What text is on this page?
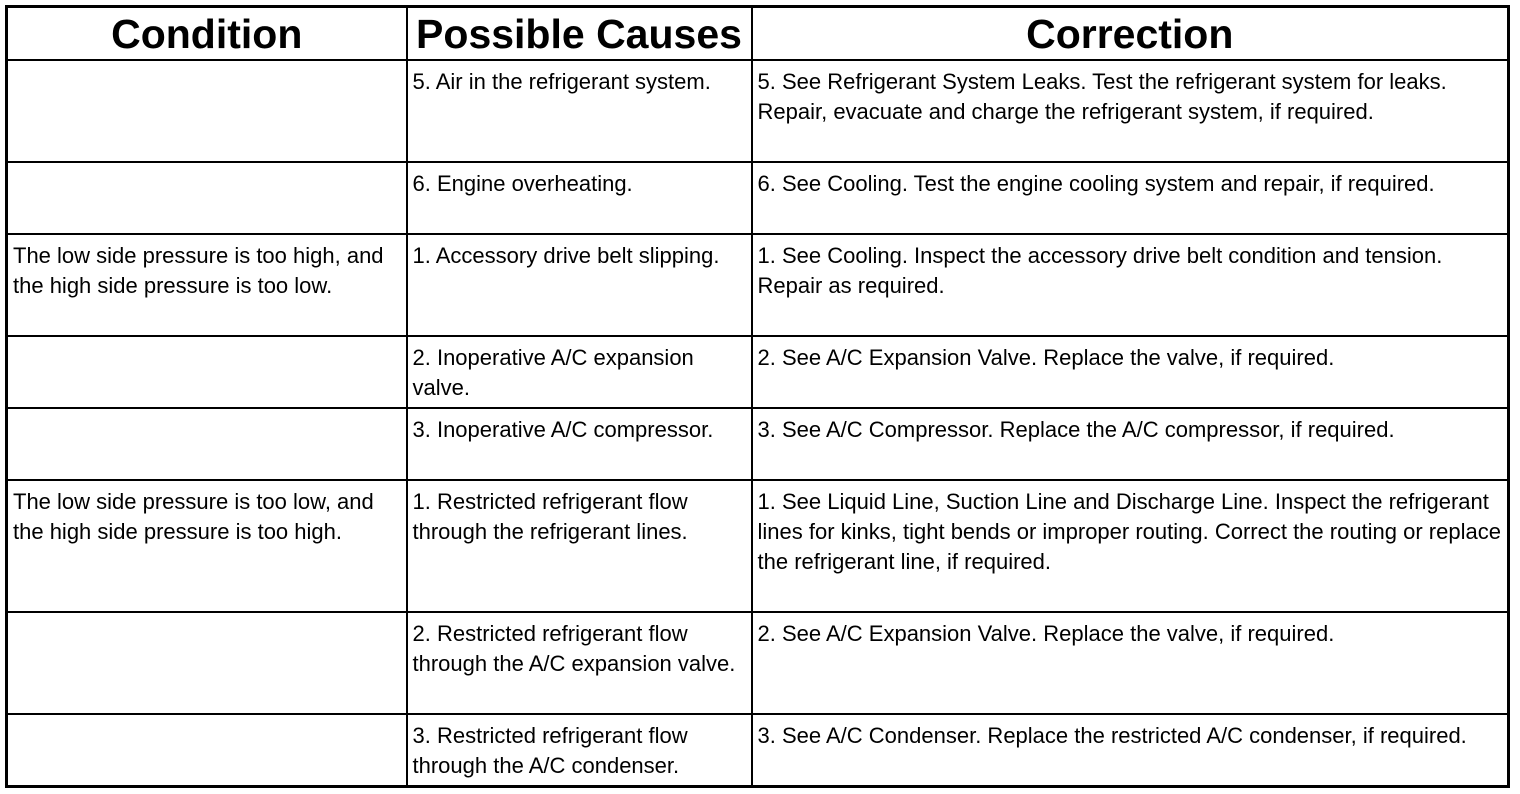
Condition	Possible Causes	Correction
	5. Air in the refrigerant system.	5. See Refrigerant System Leaks. Test the refrigerant system for leaks. Repair, evacuate and charge the refrigerant system, if required.
	6. Engine overheating.	6. See Cooling. Test the engine cooling system and repair, if required.
The low side pressure is too high, and the high side pressure is too low.	1. Accessory drive belt slipping.	1. See Cooling. Inspect the accessory drive belt condition and tension. Repair as required.
	2. Inoperative A/C expansion valve.	2. See A/C Expansion Valve. Replace the valve, if required.
	3. Inoperative A/C compressor.	3. See A/C Compressor. Replace the A/C compressor, if required.
The low side pressure is too low, and the high side pressure is too high.	1. Restricted refrigerant flow through the refrigerant lines.	1. See Liquid Line, Suction Line and Discharge Line. Inspect the refrigerant lines for kinks, tight bends or improper routing. Correct the routing or replace the refrigerant line, if required.
	2. Restricted refrigerant flow through the A/C expansion valve.	2. See A/C Expansion Valve. Replace the valve, if required.
	3. Restricted refrigerant flow through the A/C condenser.	3. See A/C Condenser. Replace the restricted A/C condenser, if required.
